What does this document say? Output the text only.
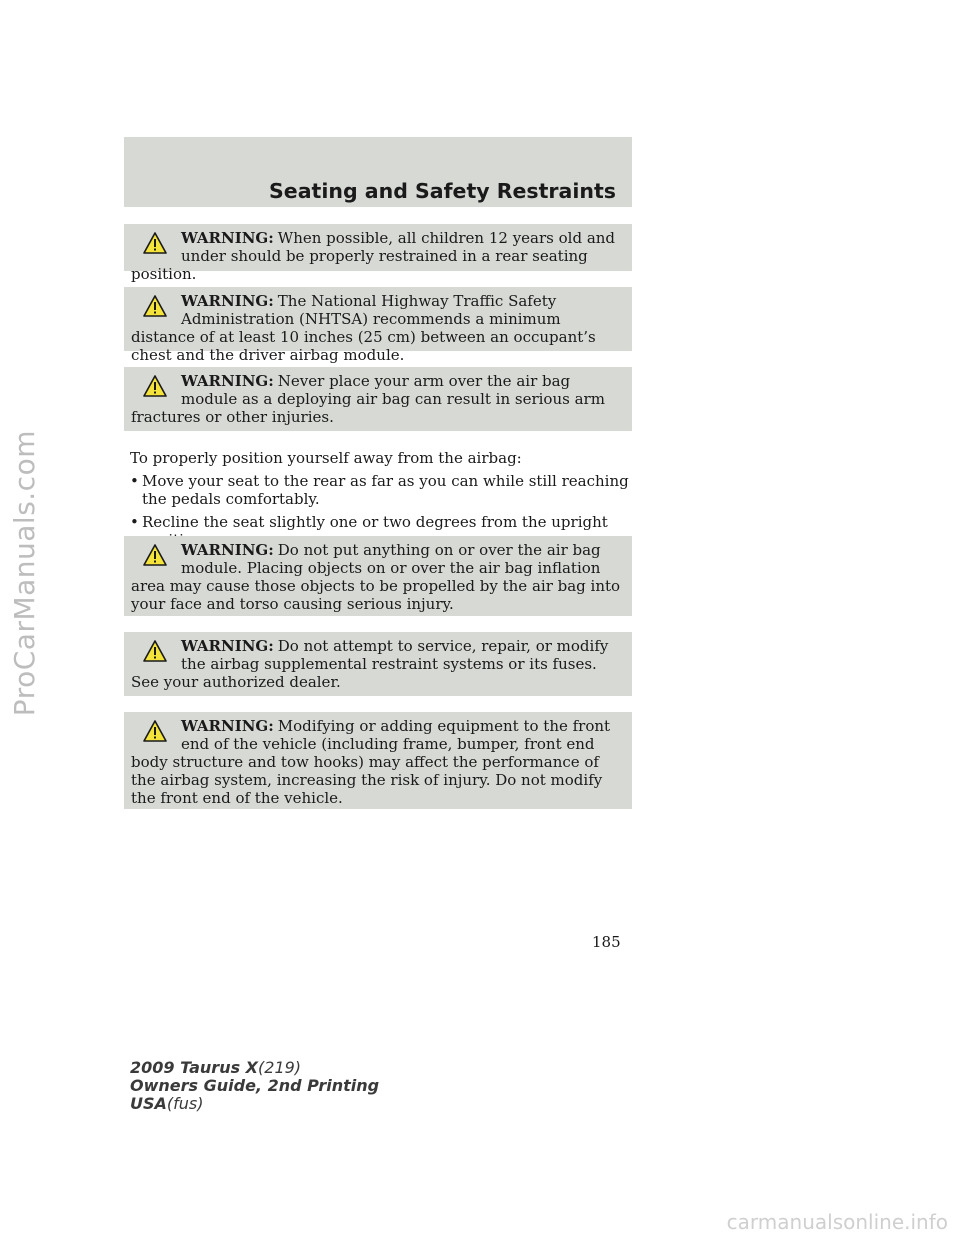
ProCarManuals.com
Seating and Safety Restraints
WARNING: When possible, all children 12 years old and under should be properly restrained in a rear seating position.
WARNING: The National Highway Traffic Safety Administration (NHTSA) recommends a minimum distance of at least 10 inches (25 cm) between an occupant’s chest and the driver airbag module.
WARNING: Never place your arm over the air bag module as a deploying air bag can result in serious arm fractures or other injuries.
To properly position yourself away from the airbag:
• Move your seat to the rear as far as you can while still reaching the pedals comfortably.
• Recline the seat slightly one or two degrees from the upright
WARNING: Do not put anything on or over the air bag module. Placing objects on or over the air bag inflation area may cause those objects to be propelled by the air bag into your face and torso causing serious injury.
WARNING: Do not attempt to service, repair, or modify the airbag supplemental restraint systems or its fuses. See your authorized dealer.
WARNING: Modifying or adding equipment to the front end of the vehicle (including frame, bumper, front end body structure and tow hooks) may affect the performance of the airbag system, increasing the risk of injury. Do not modify the front end of the vehicle.
185
2009 Taurus X(219)
Owners Guide, 2nd Printing
USA(fus)
carmanualsonline.info
